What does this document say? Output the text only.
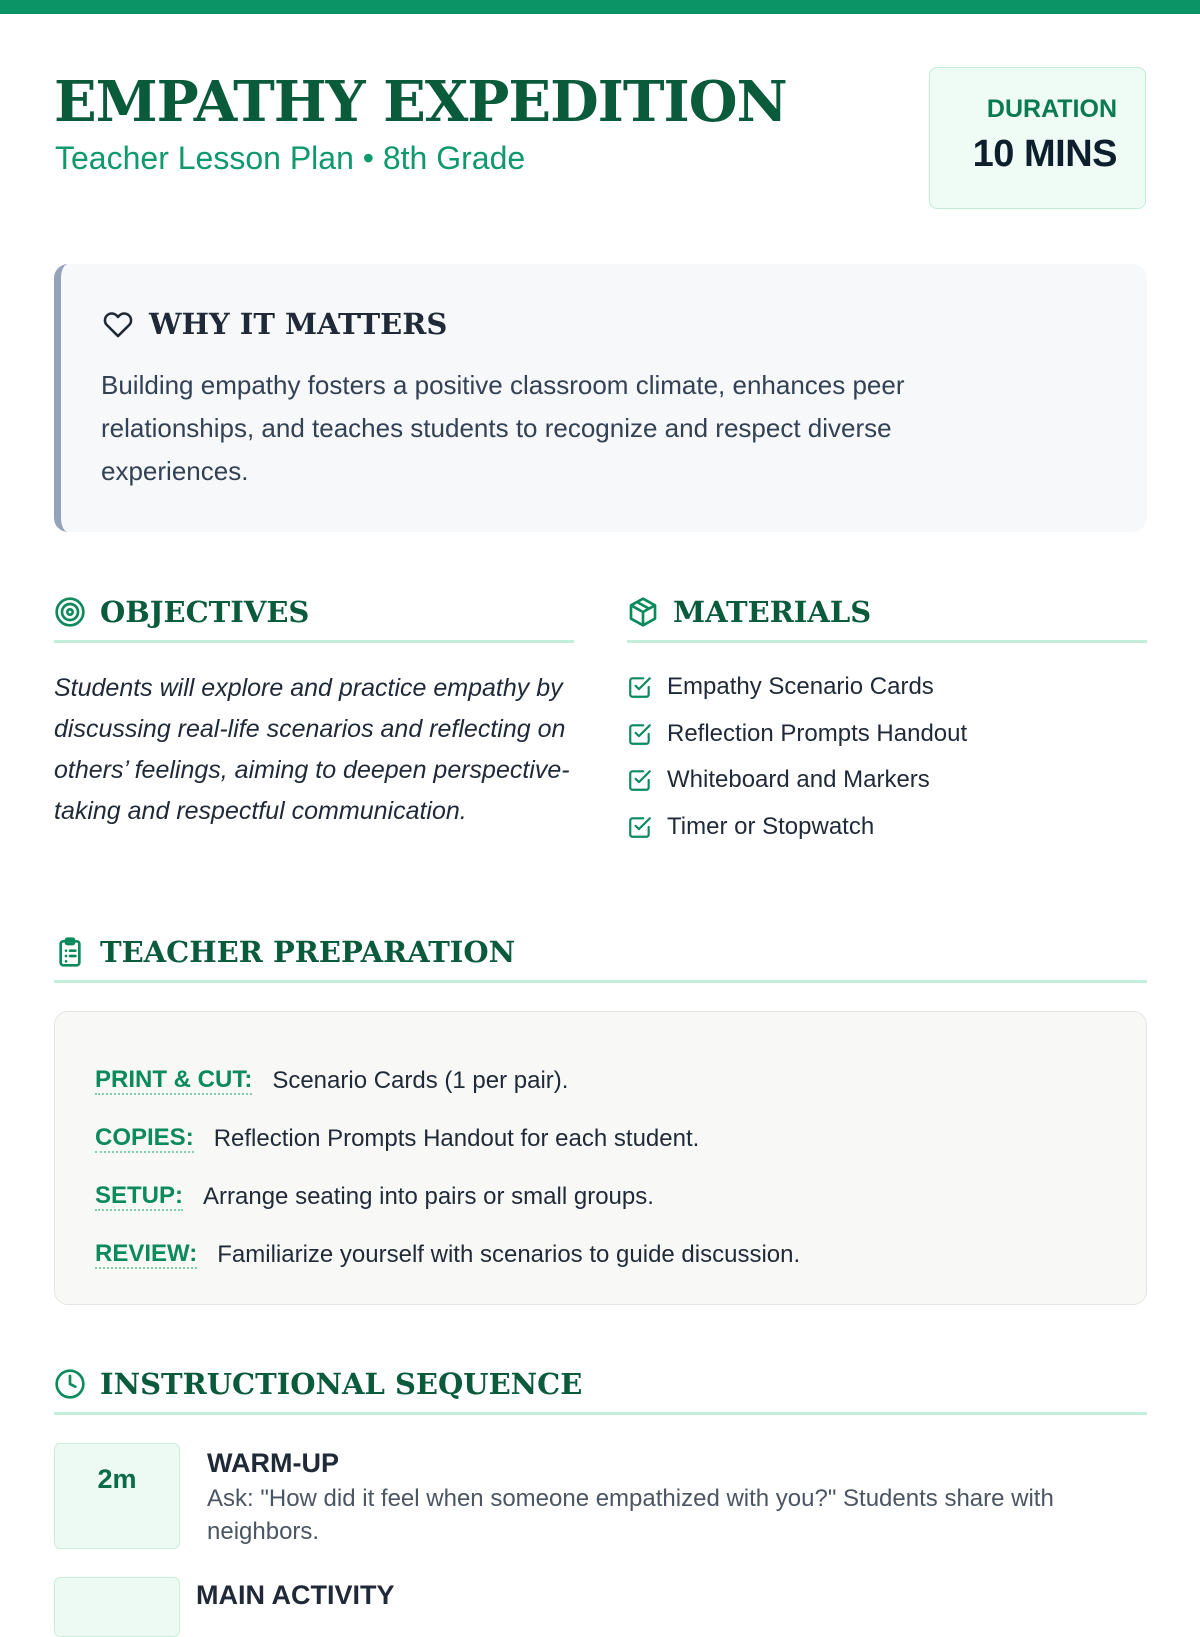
EMPATHY EXPEDITION
Teacher Lesson Plan • 8th Grade
DURATION
10 MINS
WHY IT MATTERS
Building empathy fosters a positive classroom climate, enhances peer relationships, and teaches students to recognize and respect diverse experiences.
OBJECTIVES
Students will explore and practice empathy by discussing real-life scenarios and reflecting on others’ feelings, aiming to deepen perspective-taking and respectful communication.
MATERIALS
Empathy Scenario Cards
Reflection Prompts Handout
Whiteboard and Markers
Timer or Stopwatch
TEACHER PREPARATION
PRINT & CUT: Scenario Cards (1 per pair).
COPIES: Reflection Prompts Handout for each student.
SETUP: Arrange seating into pairs or small groups.
REVIEW: Familiarize yourself with scenarios to guide discussion.
INSTRUCTIONAL SEQUENCE
2m
WARM-UP
Ask: "How did it feel when someone empathized with you?" Students share with neighbors.
MAIN ACTIVITY
